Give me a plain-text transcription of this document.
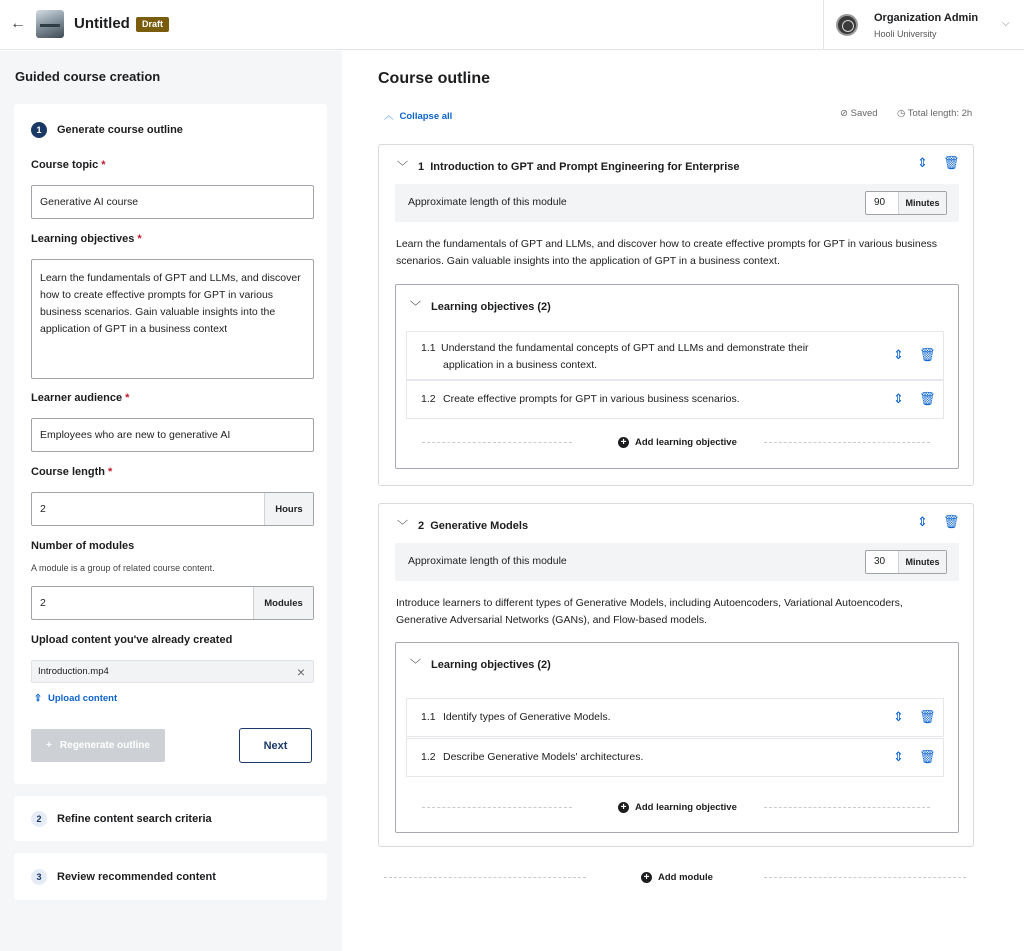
←	Untitled	Draft	Organization Admin
Hooli University
⌵
Guided course creation
1	Generate course outline
Course topic *
Generative AI course
Learning objectives *
Learn the fundamentals of GPT and LLMs, and discover how to create effective prompts for GPT in various business scenarios. Gain valuable insights into the application of GPT in a business context
Learner audience *
Employees who are new to generative AI
Course length *
2	Hours
Number of modules
A module is a group of related course content.
2	Modules
Upload content you've already created
Introduction.mp4	×
⇪ Upload content
+ Regenerate outline	Next
2	Refine content search criteria
3	Review recommended content
Course outline
︿ Collapse all	⊘ Saved ◷ Total length: 2h
﹀ 1 Introduction to GPT and Prompt Engineering for Enterprise	⇕ 🗑
Approximate length of this module	90	Minutes
Learn the fundamentals of GPT and LLMs, and discover how to create effective prompts for GPT in various business scenarios. Gain valuable insights into the application of GPT in a business context.
﹀ Learning objectives (2)
1.1 Understand the fundamental concepts of GPT and LLMs and demonstrate their application in a business context.
⇕ 🗑
1.2 Create effective prompts for GPT in various business scenarios.	⇕ 🗑
+ Add learning objective
﹀ 2 Generative Models	⇕ 🗑
Approximate length of this module	30	Minutes
Introduce learners to different types of Generative Models, including Autoencoders, Variational Autoencoders, Generative Adversarial Networks (GANs), and Flow-based models.
﹀ Learning objectives (2)
1.1 Identify types of Generative Models.	⇕ 🗑
1.2 Describe Generative Models' architectures.	⇕ 🗑
+ Add learning objective
+ Add module
